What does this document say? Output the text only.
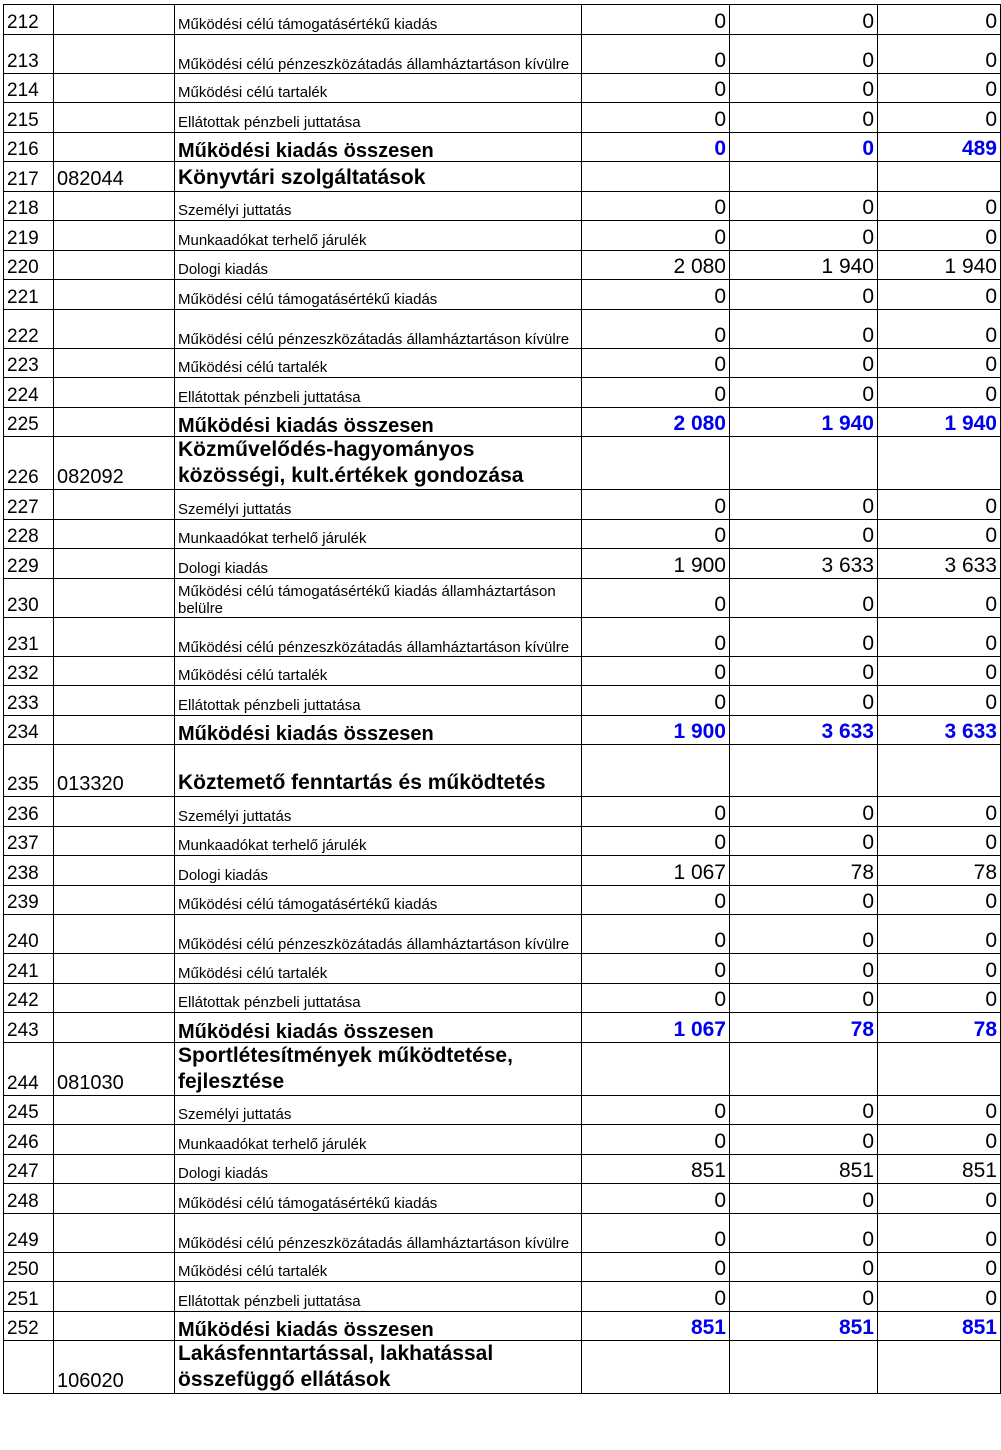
212		Működési célú támogatásértékű kiadás	0	0	0
213		Működési célú pénzeszközátadás államháztartáson kívülre	0	0	0
214		Működési célú tartalék	0	0	0
215		Ellátottak pénzbeli juttatása	0	0	0
216		Működési kiadás összesen	0	0	489
217	082044	Könyvtári szolgáltatások			
218		Személyi juttatás	0	0	0
219		Munkaadókat terhelő járulék	0	0	0
220		Dologi kiadás	2 080	1 940	1 940
221		Működési célú támogatásértékű kiadás	0	0	0
222		Működési célú pénzeszközátadás államháztartáson kívülre	0	0	0
223		Működési célú tartalék	0	0	0
224		Ellátottak pénzbeli juttatása	0	0	0
225		Működési kiadás összesen	2 080	1 940	1 940
226	082092	Közművelődés-hagyományos közösségi, kult.értékek gondozása			
227		Személyi juttatás	0	0	0
228		Munkaadókat terhelő járulék	0	0	0
229		Dologi kiadás	1 900	3 633	3 633
230		Működési célú támogatásértékű kiadás államháztartáson belülre	0	0	0
231		Működési célú pénzeszközátadás államháztartáson kívülre	0	0	0
232		Működési célú tartalék	0	0	0
233		Ellátottak pénzbeli juttatása	0	0	0
234		Működési kiadás összesen	1 900	3 633	3 633
235	013320	Köztemető fenntartás és működtetés			
236		Személyi juttatás	0	0	0
237		Munkaadókat terhelő járulék	0	0	0
238		Dologi kiadás	1 067	78	78
239		Működési célú támogatásértékű kiadás	0	0	0
240		Működési célú pénzeszközátadás államháztartáson kívülre	0	0	0
241		Működési célú tartalék	0	0	0
242		Ellátottak pénzbeli juttatása	0	0	0
243		Működési kiadás összesen	1 067	78	78
244	081030	Sportlétesítmények működtetése, fejlesztése			
245		Személyi juttatás	0	0	0
246		Munkaadókat terhelő járulék	0	0	0
247		Dologi kiadás	851	851	851
248		Működési célú támogatásértékű kiadás	0	0	0
249		Működési célú pénzeszközátadás államháztartáson kívülre	0	0	0
250		Működési célú tartalék	0	0	0
251		Ellátottak pénzbeli juttatása	0	0	0
252		Működési kiadás összesen	851	851	851
	106020	Lakásfenntartással, lakhatással összefüggő ellátások			
